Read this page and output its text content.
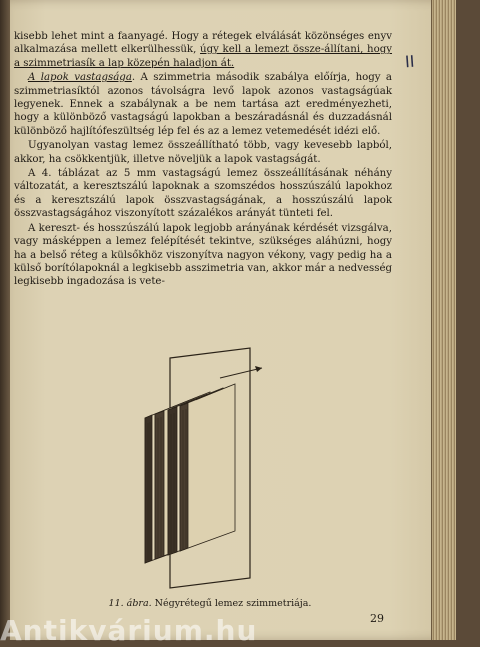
kisebb lehet mint a faanyagé. Hogy a rétegek elválását közönséges enyv alkalmazása mellett elkerülhessük, úgy kell a lemezt össze-állítani, hogy a szimmetriasík a lap közepén haladjon át.

A lapok vastagsága. A szimmetria második szabálya előírja, hogy a szimmetriasíktól azonos távolságra levő lapok azonos vastagságúak legyenek. Ennek a szabálynak a be nem tartása azt eredményezheti, hogy a különböző vastagságú lapokban a beszáradásnál és duzzadásnál különböző hajlítófeszültség lép fel és az a lemez vetemedését idézi elő.

Ugyanolyan vastag lemez összeállítható több, vagy kevesebb lapból, akkor, ha csökkentjük, illetve növeljük a lapok vastagságát.

A 4. táblázat az 5 mm vastagságú lemez összeállításának néhány változatát, a keresztszálú lapoknak a szomszédos hosszúszálú lapokhoz és a keresztszálú lapok összvastagságának, a hosszúszálú lapok összvastagságához viszonyított százalékos arányát tünteti fel.

A kereszt- és hosszúszálú lapok legjobb arányának kérdését vizsgálva, vagy másképpen a lemez felépítését tekintve, szükséges aláhúzni, hogy ha a belső réteg a külsőkhöz viszonyítva nagyon vékony, vagy pedig ha a külső borítólapoknál a legkisebb asszimetria van, akkor már a nedvesség legkisebb ingadozása is vete-

II
11. ábra. Négyrétegű lemez szimmetriája.
29
Antikvárium.hu
